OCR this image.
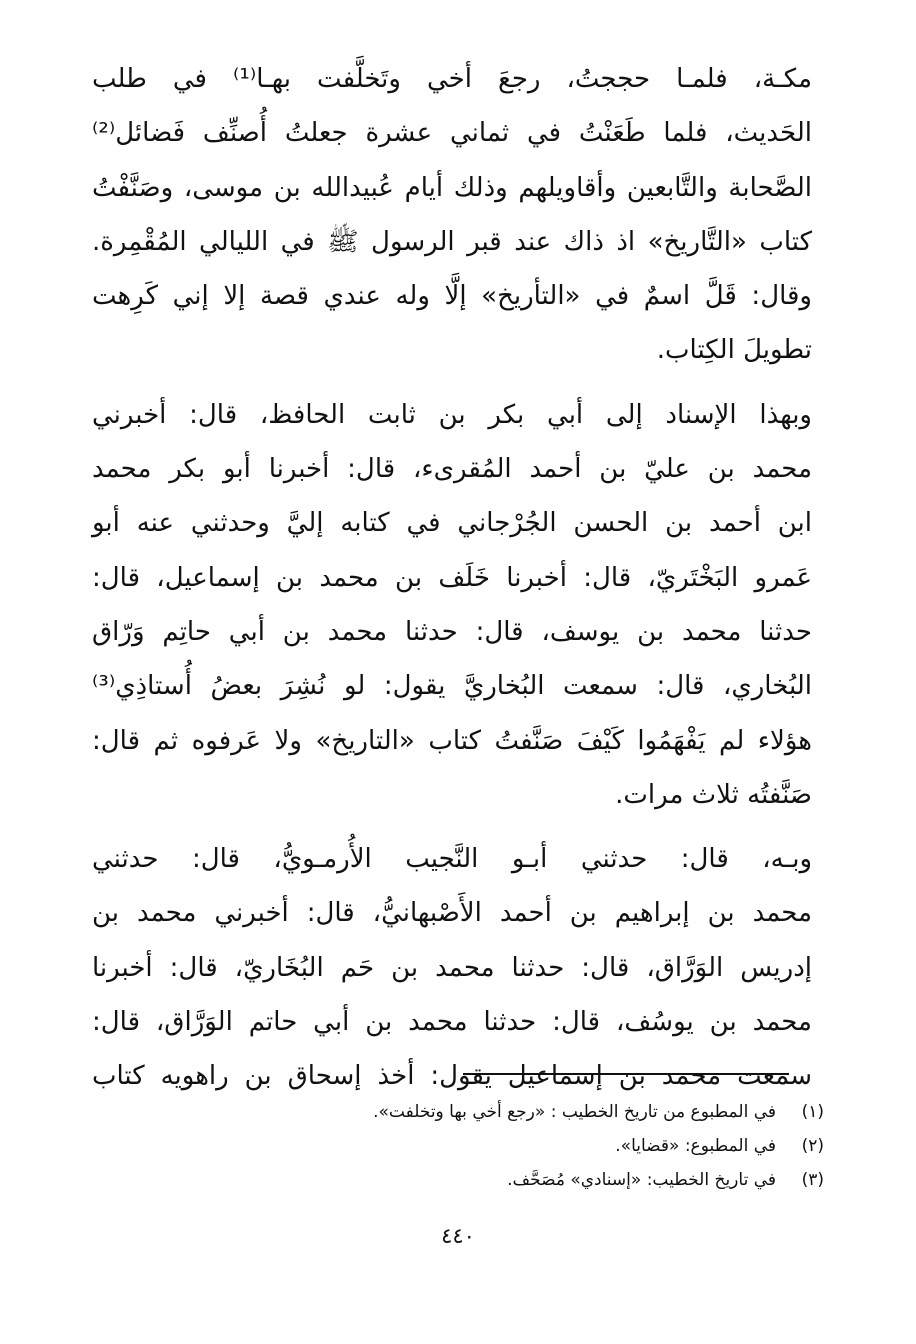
مكـة، فلمـا حججتُ، رجعَ أخي وتَخلَّفت بهـا⁽¹⁾ في طلب
الحَديث، فلما طَعَنْتُ في ثماني عشرة جعلتُ أُصنِّف فَضائل⁽²⁾
الصَّحابة والتَّابعين وأقاويلهم وذلك أيام عُبيدالله بن موسى، وصَنَّفْتُ
كتاب «التَّاريخ» اذ ذاك عند قبر الرسول ﷺ في الليالي المُقْمِرة.
وقال: قَلَّ اسمٌ في «التأريخ» إلَّا وله عندي قصة إلا إني كَرِهت
تطويلَ الكِتاب.
وبهذا الإسناد إلى أبي بكر بن ثابت الحافظ، قال: أخبرني
محمد بن عليّ بن أحمد المُقرىء، قال: أخبرنا أبو بكر محمد
ابن أحمد بن الحسن الجُرْجاني في كتابه إليَّ وحدثني عنه أبو
عَمرو البَخْتَريّ، قال: أخبرنا خَلَف بن محمد بن إسماعيل، قال:
حدثنا محمد بن يوسف، قال: حدثنا محمد بن أبي حاتِم وَرّاق
البُخاري، قال: سمعت البُخاريَّ يقول: لو نُشِرَ بعضُ أُستاذِي⁽³⁾
هؤلاء لم يَفْهَمُوا كَيْفَ صَنَّفتُ كتاب «التاريخ» ولا عَرفوه ثم قال:
صَنَّفتُه ثلاث مرات.
وبـه، قال: حدثني أبـو النَّجيب الأُرمـويُّ، قال: حدثني
محمد بن إبراهيم بن أحمد الأَصْبهانيُّ، قال: أخبرني محمد بن
إدريس الوَرَّاق، قال: حدثنا محمد بن حَم البُخَاريّ، قال: أخبرنا
محمد بن يوسُف، قال: حدثنا محمد بن أبي حاتم الوَرَّاق، قال:
سمعت محمد بن إسماعيل يقول: أخذ إسحاق بن راهويه كتاب
(١)
في المطبوع من تاريخ الخطيب : «رجع أخي بها وتخلفت».
(٢)
في المطبوع: «قضايا».
(٣)
في تاريخ الخطيب: «إسنادي» مُصَحَّف.
٤٤٠
